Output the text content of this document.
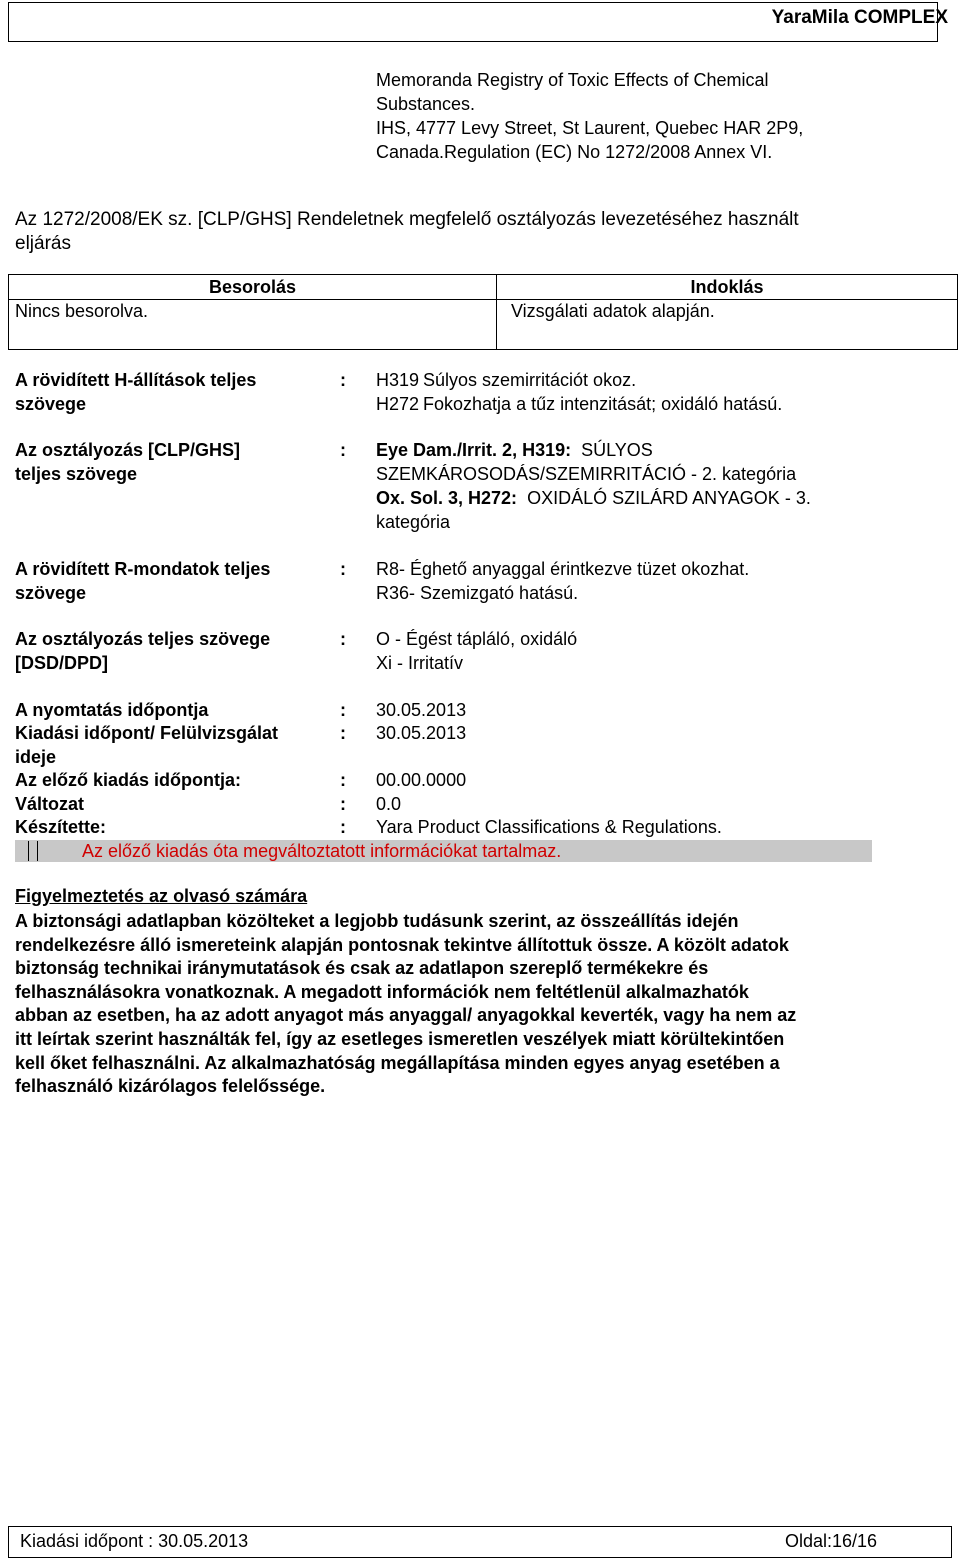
YaraMila COMPLEX
Memoranda Registry of Toxic Effects of Chemical
Substances.
IHS, 4777 Levy Street, St Laurent, Quebec HAR 2P9,
Canada.Regulation (EC) No 1272/2008 Annex VI.
Az 1272/2008/EK sz. [CLP/GHS] Rendeletnek megfelelő osztályozás levezetéséhez használt
eljárás
Besorolás	Indoklás
Nincs besorolva.	Vizsgálati adatok alapján.
A rövidített H-állítások teljes
szövege
: H319 Súlyos szemirritációt okoz.
H272 Fokozhatja a tűz intenzitását; oxidáló hatású.
Az osztályozás [CLP/GHS]
teljes szövege
: Eye Dam./Irrit. 2, H319: SÚLYOS
SZEMKÁROSODÁS/SZEMIRRITÁCIÓ - 2. kategória
Ox. Sol. 3, H272: OXIDÁLÓ SZILÁRD ANYAGOK - 3.
kategória
A rövidített R-mondatok teljes
szövege
: R8- Éghető anyaggal érintkezve tüzet okozhat.
R36- Szemizgató hatású.
Az osztályozás teljes szövege
[DSD/DPD]
: O - Égést tápláló, oxidáló
Xi - Irritatív
A nyomtatás időpontja	: 30.05.2013
Kiadási időpont/ Felülvizsgálat
ideje
: 30.05.2013
Az előző kiadás időpontja:	: 00.00.0000
Változat	: 0.0
Készítette:	: Yara Product Classifications & Regulations.
Az előző kiadás óta megváltoztatott információkat tartalmaz.
Figyelmeztetés az olvasó számára
A biztonsági adatlapban közölteket a legjobb tudásunk szerint, az összeállítás idején
rendelkezésre álló ismereteink alapján pontosnak tekintve állítottuk össze. A közölt adatok
biztonság technikai iránymutatások és csak az adatlapon szereplő termékekre és
felhasználásokra vonatkoznak. A megadott információk nem feltétlenül alkalmazhatók
abban az esetben, ha az adott anyagot más anyaggal/ anyagokkal keverték, vagy ha nem az
itt leírtak szerint használták fel, így az esetleges ismeretlen veszélyek miatt körültekintően
kell őket felhasználni. Az alkalmazhatóság megállapítása minden egyes anyag esetében a
felhasználó kizárólagos felelőssége.
Kiadási időpont : 30.05.2013	Oldal:16/16
